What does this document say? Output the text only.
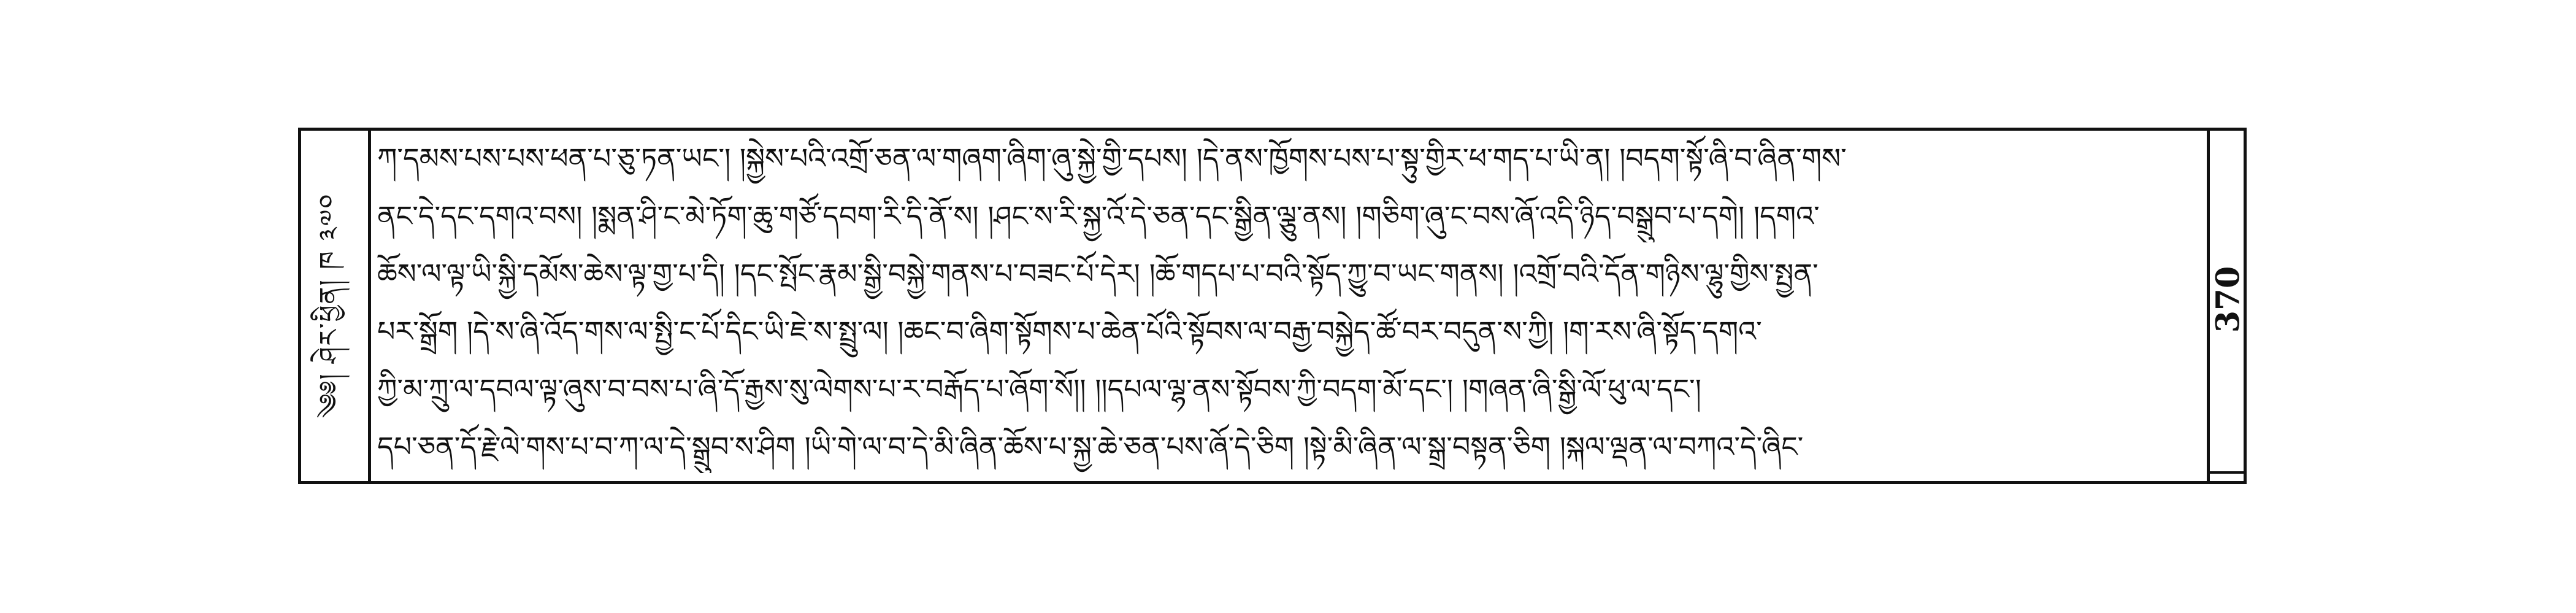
༄༅། ཤེར་ཕྱིན། ཁ ༣༧༠	370
ཀ་དམས་པས་པས་ཕན་པ་ཅུ་ཏན་ཡང་། །སྐྱེས་པའི་འགྲོ་ཅན་ལ་གཞག་ཞིག་ཞུ་སྐྱེ་གྱི་དཔས། །དེ་ནས་ཁྱོགས་པས་པ་སྟུ་གྱིར་ཕ་གད་པ་ཡི་ན། །བདག་སྟོ་ཞི་བ་ཞིན་གས་
ནང་དེ་དང་དགའ་བས། །སྨན་ཤི་ང་མེ་ཏོག་ཆུ་གཙོ་དབག་རི་དི་ནོ་ས། །ཤང་ས་རི་སྐྱ་འོ་དེ་ཅན་དང་སྒྱིན་ལྕུ་ནས། །གཅིག་ཞུ་ང་བས་ཞོ་འདི་ཉིད་བསྒྲུབ་པ་དགེ། །དགའ་
ཆོས་ལ་ལྟ་ཡི་སྐྱི་དམོས་ཆེས་ལྟ་གྱ་པ་དི། །དང་སྤོང་རྣམ་སྒྱི་བསྐྱེ་གནས་པ་བཟང་པོ་དེར། །ཆོ་གདཔ་པ་བའི་སྟོད་ཀྱུ་བ་ཡང་གནས། །འགྲོ་བའི་དོན་གཉིས་ལྷུ་གྱིས་སྤྱན་
པར་སྒྲོག །དེ་ས་ཞི་འོད་གས་ལ་སྤྱི་ང་པོ་དིང་ཡི་ཇེ་ས་སྤྲུ་ལ། །ཆང་བ་ཞིག་སྟོགས་པ་ཆེན་པོའི་སྟོབས་ལ་བརྒྱ་བསྐྱེད་ཚོ་བར་བདུན་ས་ཀྱི། །ག་རས་ཞི་སྟོད་དགའ་
ཀྱི་མ་ཀྲུ་ལ་དབལ་ལྟ་ཞུས་བ་བས་པ་ཞི་དོ་རྒྱས་སུ་ལེགས་པ་ར་བརྒོད་པ་ཞོག་སོ།། །།དཔལ་ལྷ་ནས་སྟོབས་ཀྱི་བདག་མོ་དང་། །གཞན་ཞི་སྒྱི་ལོ་ཕུ་ལ་དང་།
དཔ་ཅན་དོ་རྗེ་ལེ་གས་པ་བ་ཀ་ལ་དེ་སྒྲུབ་ས་ཤིག །ཡི་གེ་ལ་བ་དེ་མི་ཞིན་ཆོས་པ་སྐྱ་ཆེ་ཅན་པས་ཞོ་དེ་ཅིག །སྟེ་མི་ཞིན་ལ་སྒྲ་བསྟན་ཅིག །སྐལ་ལྡན་ལ་བཀའ་དེ་ཞིང་
